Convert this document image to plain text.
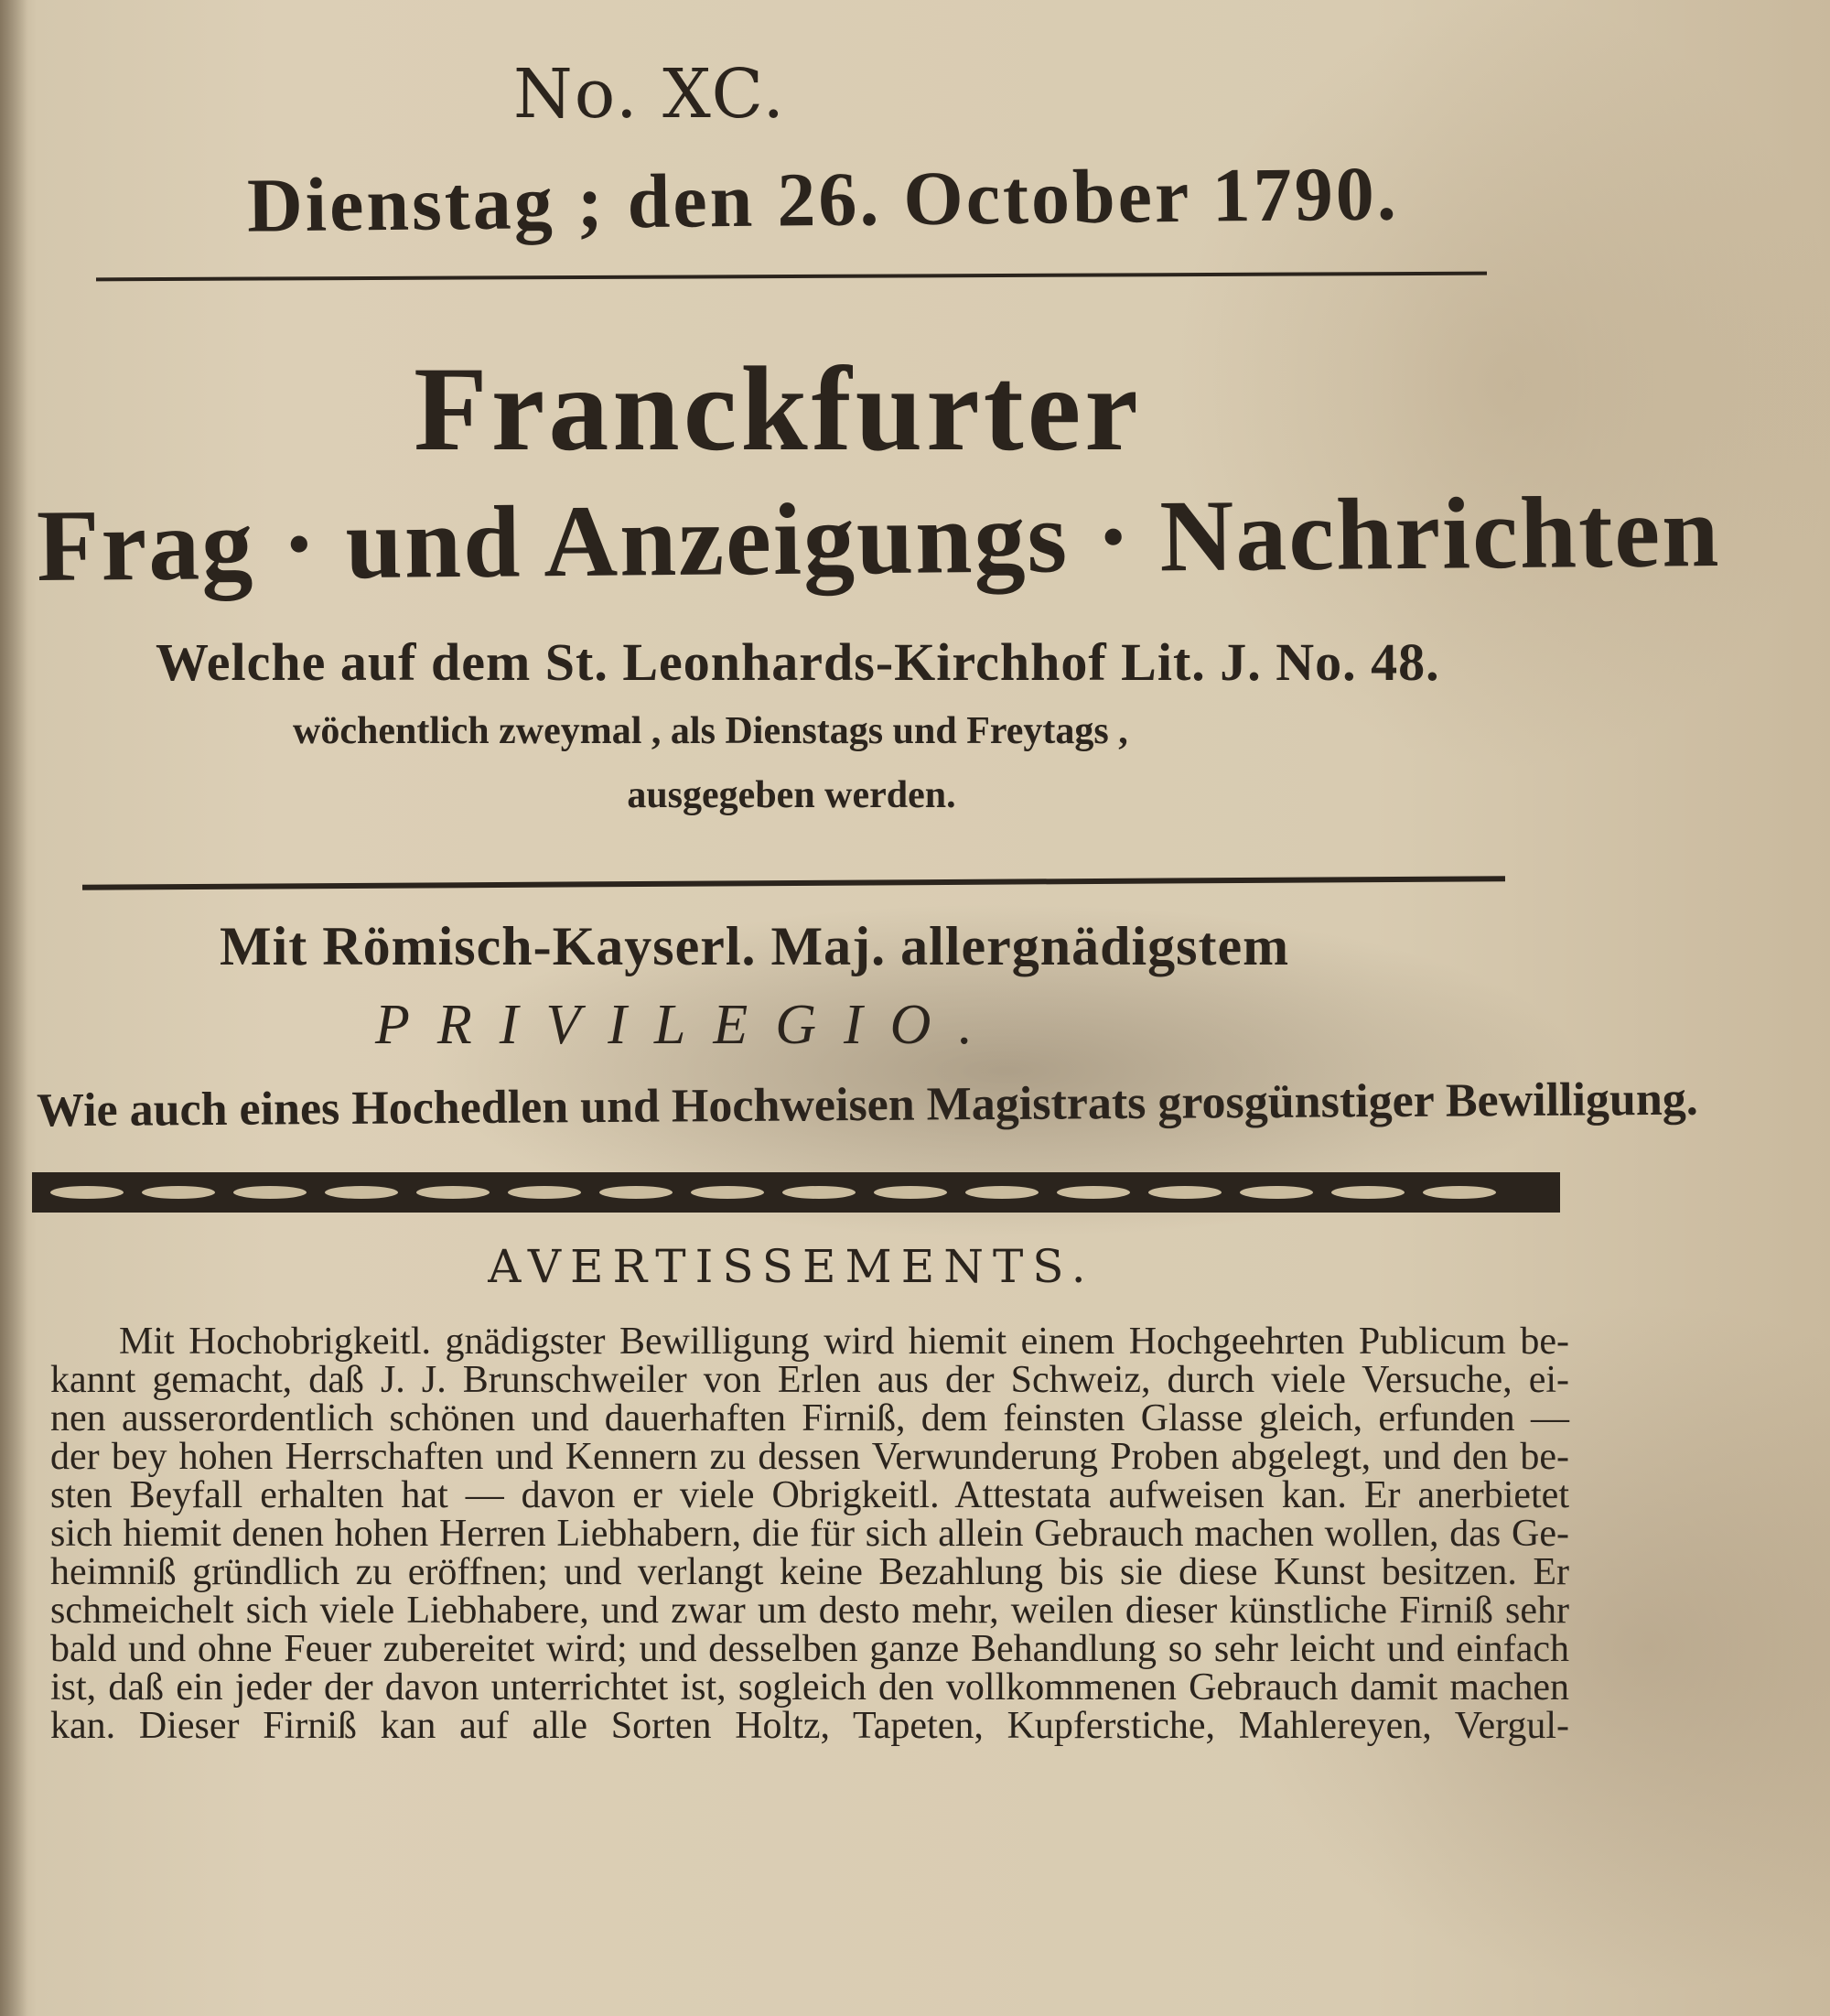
No. XC.
Dienstag ; den 26. October 1790.
Franckfurter
Frag · und Anzeigungs · Nachrichten
Welche auf dem St. Leonhards-Kirchhof Lit. J. No. 48.
wöchentlich zweymal , als Dienstags und Freytags ,
ausgegeben werden.
Mit Römisch-Kayserl. Maj. allergnädigstem
PRIVILEGIO.
Wie auch eines Hochedlen und Hochweisen Magistrats grosgünstiger Bewilligung.
AVERTISSEMENTS.
Mit Hochobrigkeitl. gnädigster Bewilligung wird hiemit einem Hochgeehrten Publicum be-
kannt gemacht, daß J. J. Brunschweiler von Erlen aus der Schweiz, durch viele Versuche, ei-
nen ausserordentlich schönen und dauerhaften Firniß, dem feinsten Glasse gleich, erfunden —
der bey hohen Herrschaften und Kennern zu dessen Verwunderung Proben abgelegt, und den be-
sten Beyfall erhalten hat — davon er viele Obrigkeitl. Attestata aufweisen kan. Er anerbietet
sich hiemit denen hohen Herren Liebhabern, die für sich allein Gebrauch machen wollen, das Ge-
heimniß gründlich zu eröffnen; und verlangt keine Bezahlung bis sie diese Kunst besitzen. Er
schmeichelt sich viele Liebhabere, und zwar um desto mehr, weilen dieser künstliche Firniß sehr
bald und ohne Feuer zubereitet wird; und desselben ganze Behandlung so sehr leicht und einfach
ist, daß ein jeder der davon unterrichtet ist, sogleich den vollkommenen Gebrauch damit machen
kan. Dieser Firniß kan auf alle Sorten Holtz, Tapeten, Kupferstiche, Mahlereyen, Vergul-
